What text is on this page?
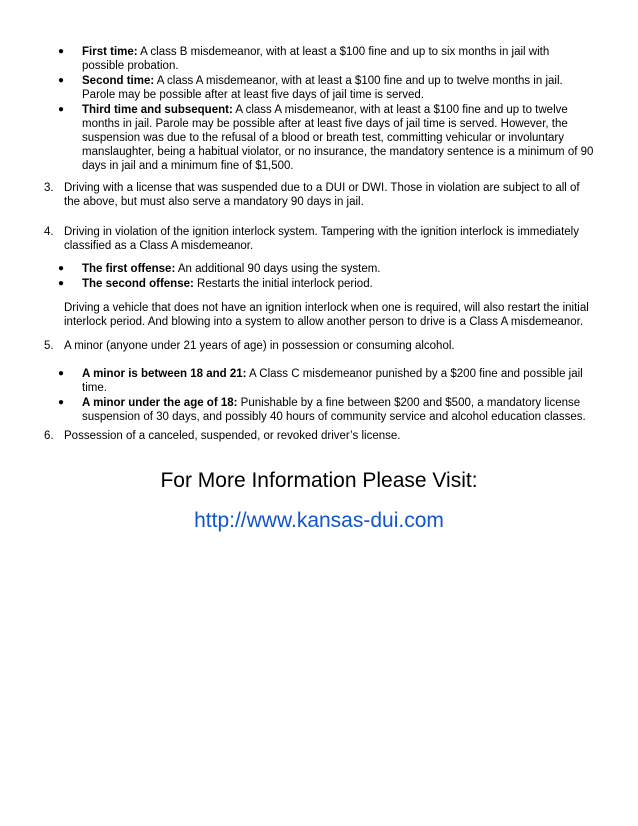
● First time: A class B misdemeanor, with at least a $100 fine and up to six months in jail with possible probation.

● Second time: A class A misdemeanor, with at least a $100 fine and up to twelve months in jail. Parole may be possible after at least five days of jail time is served.

● Third time and subsequent: A class A misdemeanor, with at least a $100 fine and up to twelve months in jail. Parole may be possible after at least five days of jail time is served. However, the suspension was due to the refusal of a blood or breath test, committing vehicular or involuntary manslaughter, being a habitual violator, or no insurance, the mandatory sentence is a minimum of 90 days in jail and a minimum fine of $1,500.

3. Driving with a license that was suspended due to a DUI or DWI. Those in violation are subject to all of the above, but must also serve a mandatory 90 days in jail.

4. Driving in violation of the ignition interlock system. Tampering with the ignition interlock is immediately classified as a Class A misdemeanor.

● The first offense: An additional 90 days using the system.

● The second offense: Restarts the initial interlock period.

Driving a vehicle that does not have an ignition interlock when one is required, will also restart the initial interlock period. And blowing into a system to allow another person to drive is a Class A misdemeanor.

5. A minor (anyone under 21 years of age) in possession or consuming alcohol.

● A minor is between 18 and 21: A Class C misdemeanor punished by a $200 fine and possible jail time.

● A minor under the age of 18: Punishable by a fine between $200 and $500, a mandatory license suspension of 30 days, and possibly 40 hours of community service and alcohol education classes.

6. Possession of a canceled, suspended, or revoked driver’s license.

For More Information Please Visit:
http://www.kansas-dui.com
